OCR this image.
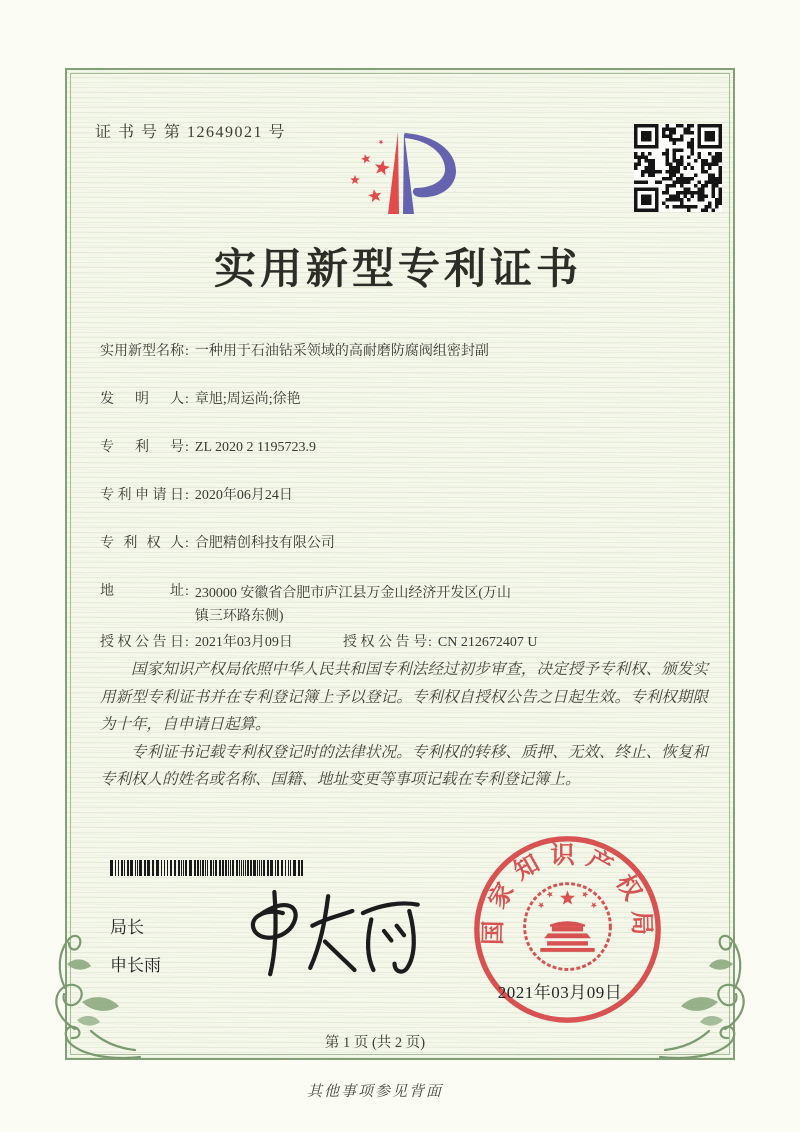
证 书 号 第 12649021 号
实用新型专利证书
实用新型名称 : 一种用于石油钻采领域的高耐磨防腐阀组密封副
发明人 : 章旭;周运尚;徐艳
专利号 : ZL 2020 2 1195723.9
专利申请日 : 2020年06月24日
专利权人 : 合肥精创科技有限公司
地址 : 230000 安徽省合肥市庐江县万金山经济开发区(万山镇三环路东侧)
授权公告日 : 2021年03月09日	授权公告号 : CN 212672407 U

国家知识产权局依照中华人民共和国专利法经过初步审查，决定授予专利权、颁发实用新型专利证书并在专利登记簿上予以登记。专利权自授权公告之日起生效。专利权期限为十年，自申请日起算。

专利证书记载专利权登记时的法律状况。专利权的转移、质押、无效、终止、恢复和专利权人的姓名或名称、国籍、地址变更等事项记载在专利登记簿上。

局长
申长雨
国家知识产权局
2021年03月09日
第 1 页 (共 2 页)
其他事项参见背面
